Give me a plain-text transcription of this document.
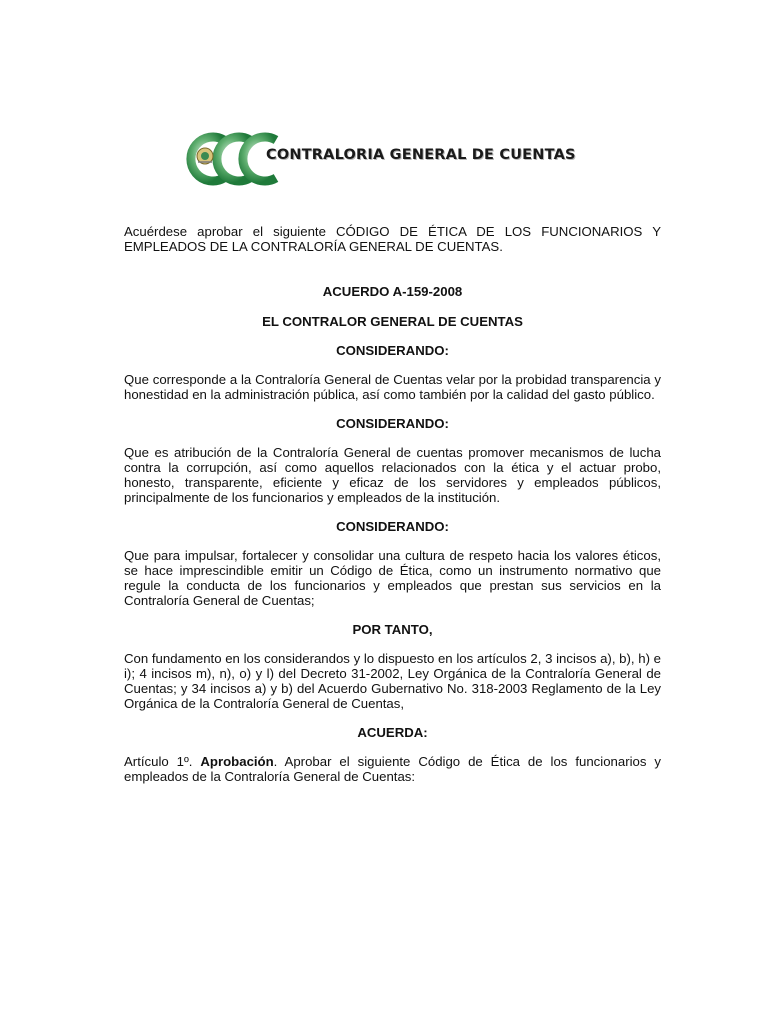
CONTRALORIA GENERAL DE CUENTAS

Acuérdese aprobar el siguiente CÓDIGO DE ÉTICA DE LOS FUNCIONARIOS Y EMPLEADOS DE LA CONTRALORÍA GENERAL DE CUENTAS.

ACUERDO A-159-2008

EL CONTRALOR GENERAL DE CUENTAS

CONSIDERANDO:

Que corresponde a la Contraloría General de Cuentas velar por la probidad transparencia y honestidad en la administración pública, así como también por la calidad del gasto público.

CONSIDERANDO:

Que es atribución de la Contraloría General de cuentas promover mecanismos de lucha contra la corrupción, así como aquellos relacionados con la ética y el actuar probo, honesto, transparente, eficiente y eficaz de los servidores y empleados públicos, principalmente de los funcionarios y empleados de la institución.

CONSIDERANDO:

Que para impulsar, fortalecer y consolidar una cultura de respeto hacia los valores éticos, se hace imprescindible emitir un Código de Ética, como un instrumento normativo que regule la conducta de los funcionarios y empleados que prestan sus servicios en la Contraloría General de Cuentas;

POR TANTO,

Con fundamento en los considerandos y lo dispuesto en los artículos 2, 3 incisos a), b), h) e i); 4 incisos m), n), o) y l) del Decreto 31-2002, Ley Orgánica de la Contraloría General de Cuentas; y 34 incisos a) y b) del Acuerdo Gubernativo No. 318-2003 Reglamento de la Ley Orgánica de la Contraloría General de Cuentas,

ACUERDA:

Artículo 1º. Aprobación. Aprobar el siguiente Código de Ética de los funcionarios y empleados de la Contraloría General de Cuentas:
